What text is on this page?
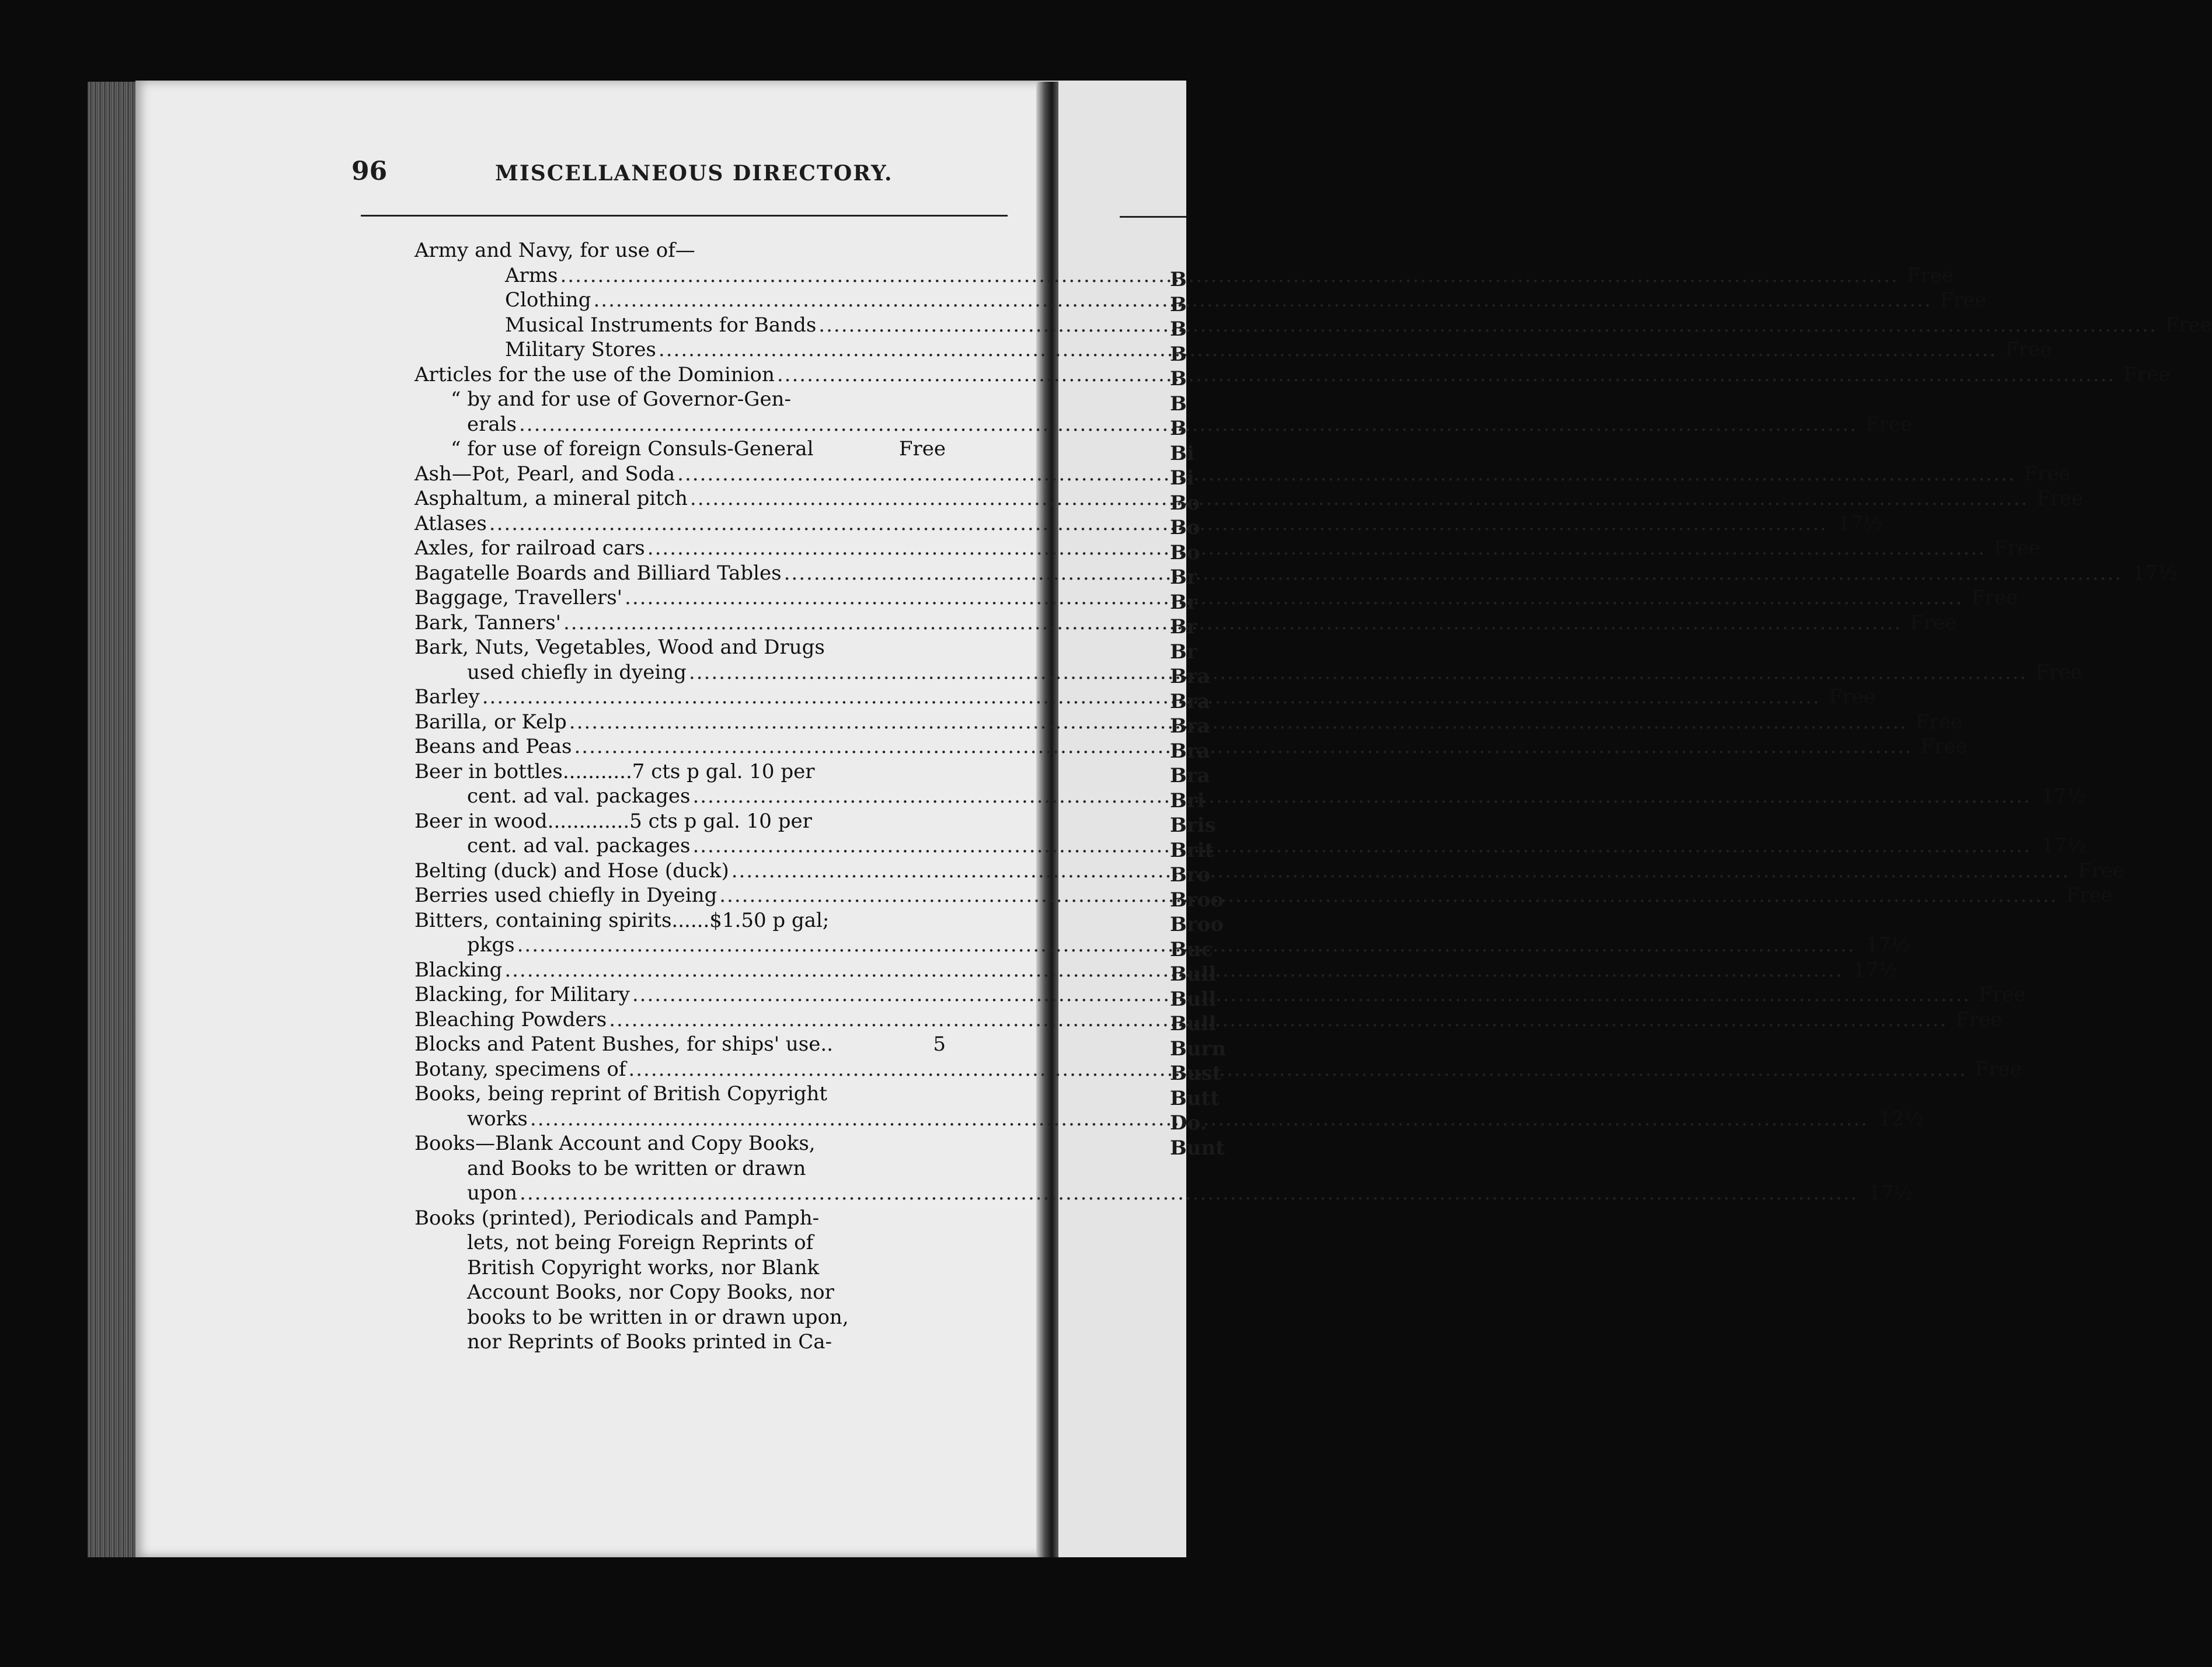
96	MISCELLANEOUS DIRECTORY.
Army and Navy, for use of—
Arms .....	Free
Clothing .....	Free
Musical Instruments for Bands .....	Free
Military Stores .....	Free
Articles for the use of the Dominion .....	Free
“ by and for use of Governor-Gen-
erals .....	Free
“ for use of foreign Consuls-General	Free
Ash—Pot, Pearl, and Soda .....	Free
Asphaltum, a mineral pitch .....	Free
Atlases .....	17½
Axles, for railroad cars .....	Free
Bagatelle Boards and Billiard Tables .....	17½
Baggage, Travellers' .....	Free
Bark, Tanners' .....	Free
Bark, Nuts, Vegetables, Wood and Drugs
used chiefly in dyeing .....	Free
Barley .....	Free
Barilla, or Kelp .....	Free
Beans and Peas .....	Free
Beer in bottles...........7 cts p gal. 10 per
cent. ad val. packages .....	17½
Beer in wood.............5 cts p gal. 10 per
cent. ad val. packages .....	17½
Belting (duck) and Hose (duck) .....	Free
Berries used chiefly in Dyeing .....	Free
Bitters, containing spirits......$1.50 p gal;
pkgs .....	17½
Blacking .....	17½
Blacking, for Military .....	Free
Bleaching Powders .....	Free
Blocks and Patent Bushes, for ships' use..	5
Botany, specimens of .....	Free
Books, being reprint of British Copyright
works .....	12½
Books—Blank Account and Copy Books,
and Books to be written or drawn
upon .....	17½
Books (printed), Periodicals and Pamph-
lets, not being Foreign Reprints of
British Copyright works, nor Blank
Account Books, nor Copy Books, nor
books to be written in or drawn upon,
nor Reprints of Books printed in Ca-
B
B
B
B
B
B
B
Bi
Bi
Bo
Bo
Bo
Br
Br
Br
Br
Bra
Bra
Bra
Bra
Bra
Bri
Bris
Brit
Bro
Broo
Broo
Buc
Bull
Bull
Bull
Burn
Bust
Butt
Do.
Bunt
